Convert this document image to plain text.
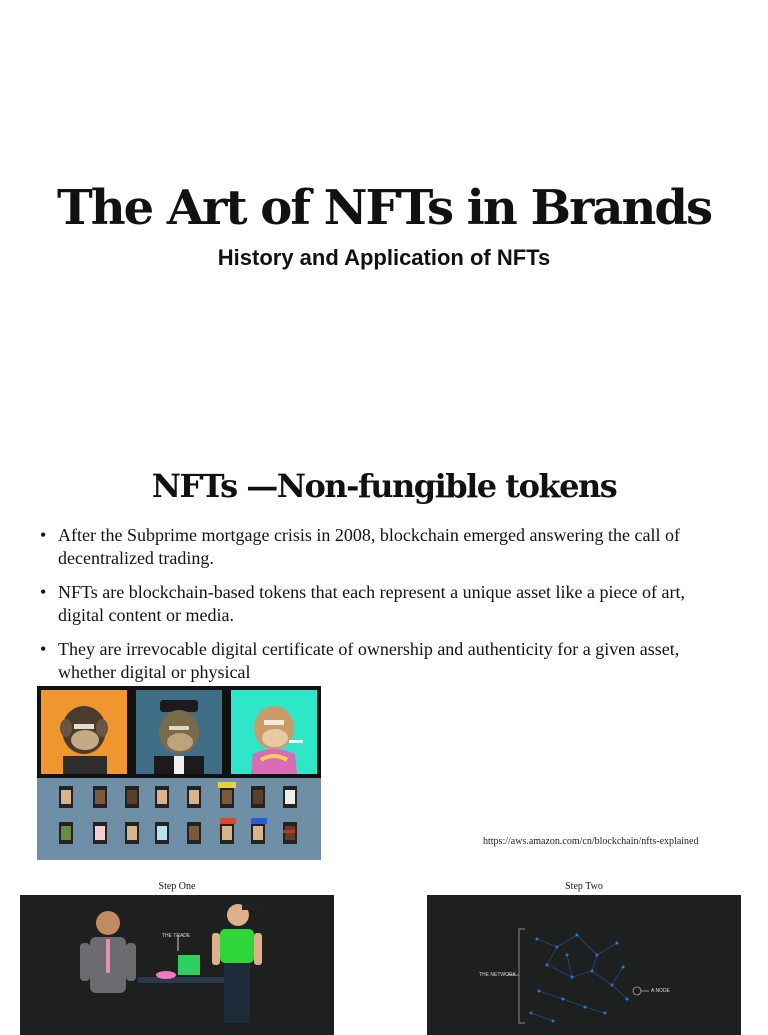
The Art of NFTs in Brands
History and Application of NFTs
NFTs —Non-fungible tokens
• After the Subprime mortgage crisis in 2008, blockchain emerged answering the call of decentralized trading.
• NFTs are blockchain-based tokens that each represent a unique asset like a piece of art, digital content or media.
• They are irrevocable digital certificate of ownership and authenticity for a given asset, whether digital or physical
https://aws.amazon.com/cn/blockchain/nfts-explained
Step One	Step Two
THE TRADE
THE NETWORK
A NODE
